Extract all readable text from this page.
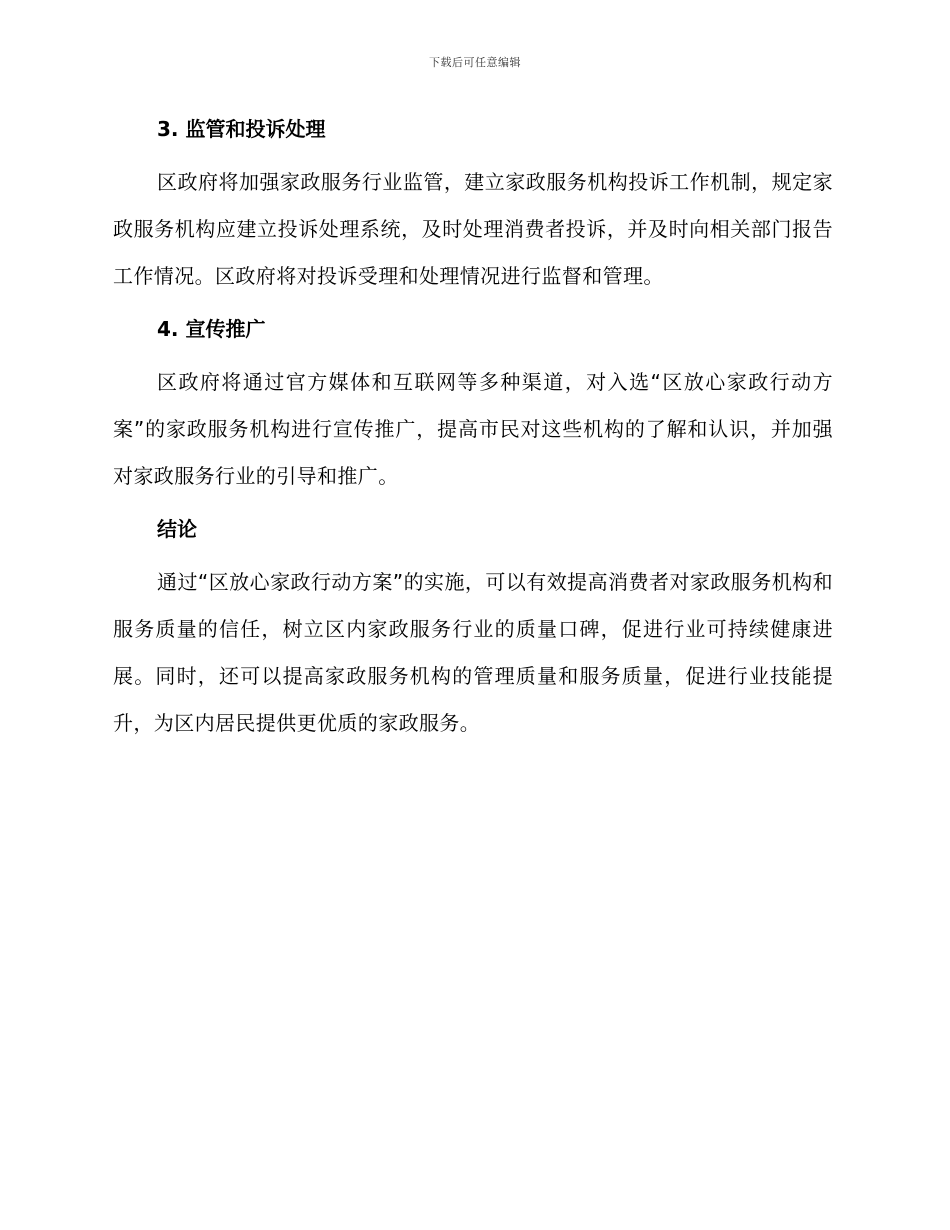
下载后可任意编辑
3. 监管和投诉处理

区政府将加强家政服务行业监管，建立家政服务机构投诉工作机制，规定家政服务机构应建立投诉处理系统，及时处理消费者投诉，并及时向相关部门报告工作情况。区政府将对投诉受理和处理情况进行监督和管理。

4. 宣传推广

区政府将通过官方媒体和互联网等多种渠道，对入选“区放心家政行动方案”的家政服务机构进行宣传推广，提高市民对这些机构的了解和认识，并加强对家政服务行业的引导和推广。

结论

通过“区放心家政行动方案”的实施，可以有效提高消费者对家政服务机构和服务质量的信任，树立区内家政服务行业的质量口碑，促进行业可持续健康进展。同时，还可以提高家政服务机构的管理质量和服务质量，促进行业技能提升，为区内居民提供更优质的家政服务。
